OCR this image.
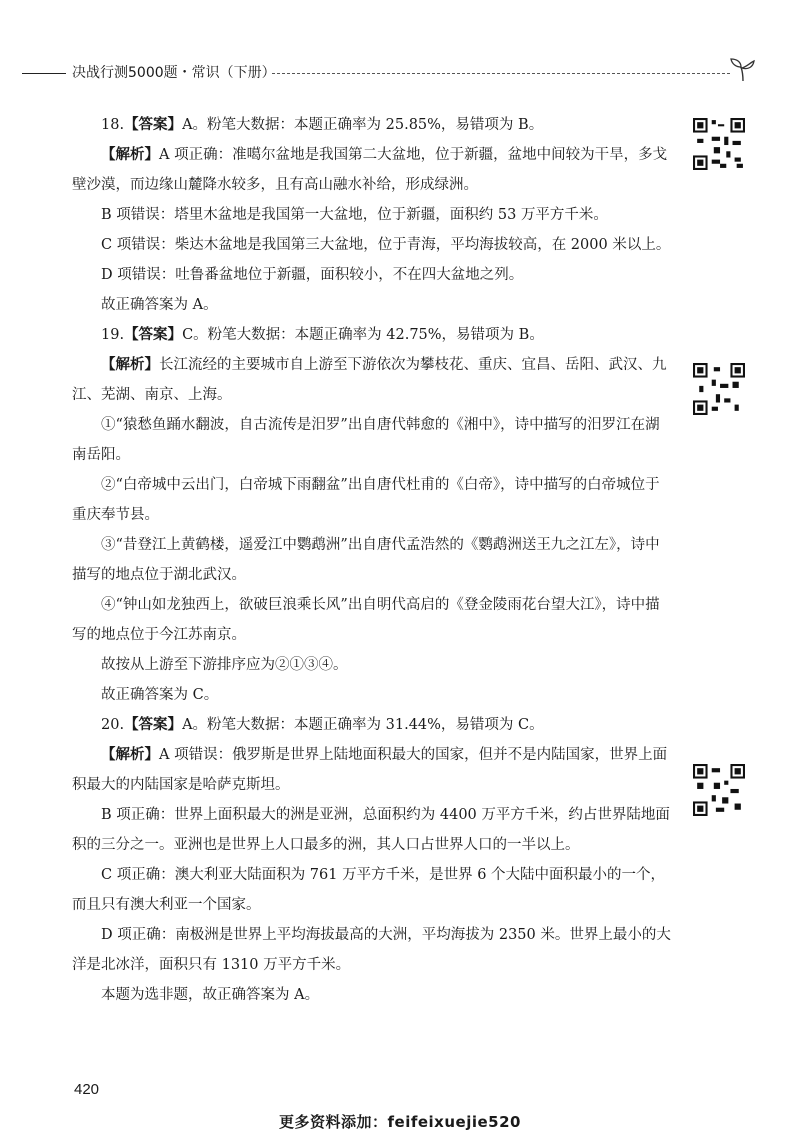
决战行测5000题・常识（下册）

18.【答案】A。粉笔大数据：本题正确率为 25.85%，易错项为 B。

【解析】A 项正确：准噶尔盆地是我国第二大盆地，位于新疆，盆地中间较为干旱，多戈壁沙漠，而边缘山麓降水较多，且有高山融水补给，形成绿洲。

B 项错误：塔里木盆地是我国第一大盆地，位于新疆，面积约 53 万平方千米。

C 项错误：柴达木盆地是我国第三大盆地，位于青海，平均海拔较高，在 2000 米以上。

D 项错误：吐鲁番盆地位于新疆，面积较小，不在四大盆地之列。

故正确答案为 A。

19.【答案】C。粉笔大数据：本题正确率为 42.75%，易错项为 B。

【解析】长江流经的主要城市自上游至下游依次为攀枝花、重庆、宜昌、岳阳、武汉、九江、芜湖、南京、上海。

①“猿愁鱼踊水翻波，自古流传是汨罗”出自唐代韩愈的《湘中》，诗中描写的汨罗江在湖南岳阳。

②“白帝城中云出门，白帝城下雨翻盆”出自唐代杜甫的《白帝》，诗中描写的白帝城位于重庆奉节县。

③“昔登江上黄鹤楼，遥爱江中鹦鹉洲”出自唐代孟浩然的《鹦鹉洲送王九之江左》，诗中描写的地点位于湖北武汉。

④“钟山如龙独西上，欲破巨浪乘长风”出自明代高启的《登金陵雨花台望大江》，诗中描写的地点位于今江苏南京。

故按从上游至下游排序应为②①③④。

故正确答案为 C。

20.【答案】A。粉笔大数据：本题正确率为 31.44%，易错项为 C。

【解析】A 项错误：俄罗斯是世界上陆地面积最大的国家，但并不是内陆国家，世界上面积最大的内陆国家是哈萨克斯坦。

B 项正确：世界上面积最大的洲是亚洲，总面积约为 4400 万平方千米，约占世界陆地面积的三分之一。亚洲也是世界上人口最多的洲，其人口占世界人口的一半以上。

C 项正确：澳大利亚大陆面积为 761 万平方千米，是世界 6 个大陆中面积最小的一个，而且只有澳大利亚一个国家。

D 项正确：南极洲是世界上平均海拔最高的大洲，平均海拔为 2350 米。世界上最小的大洋是北冰洋，面积只有 1310 万平方千米。

本题为选非题，故正确答案为 A。

420
更多资料添加：feifeixuejie520
